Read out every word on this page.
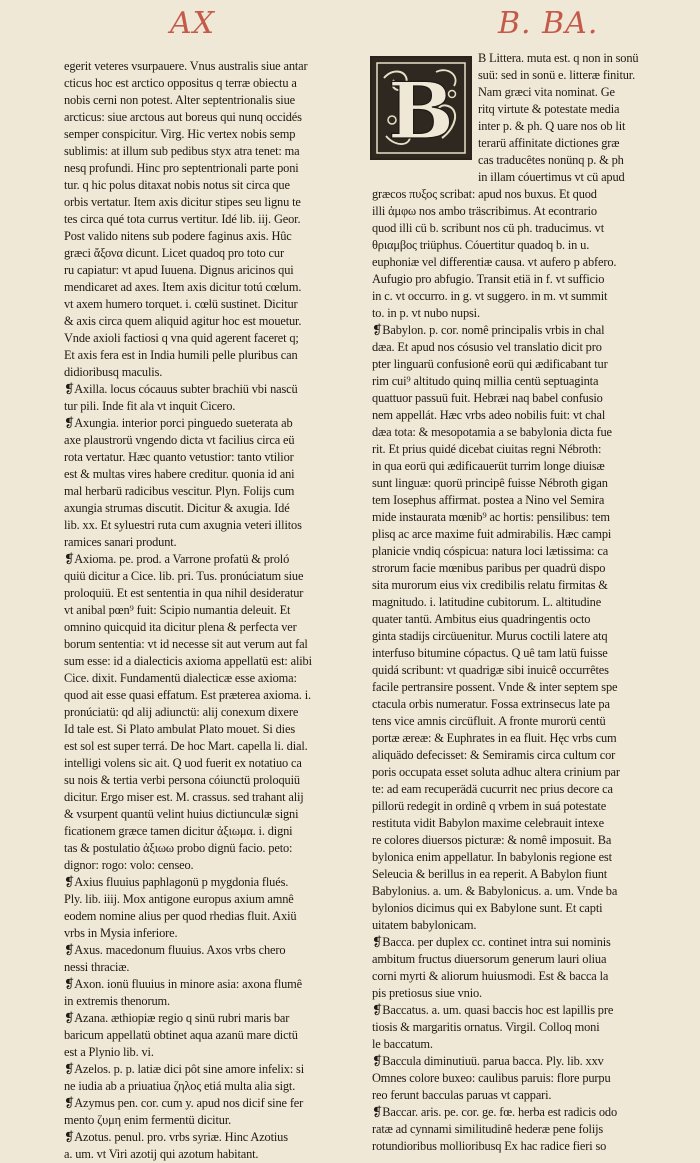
AX	B. BA.
egerit veteres vsurpauere. Vnus australis siue antar
cticus hoc est arctico oppositus q terræ obiectu a
nobis cerni non potest. Alter septentrionalis siue
arcticus: siue arctous aut boreus qui nunq occidés
semper conspicitur. Virg. Hic vertex nobis semp
sublimis: at illum sub pedibus styx atra tenet: ma
nesq profundi. Hinc pro septentrionali parte poni
tur. q hic polus ditaxat nobis notus sit circa que
orbis vertatur. Item axis dicitur stipes seu lignu te
tes circa qué tota currus vertitur. Idé lib. iij. Geor.
Post valido nitens sub podere faginus axis. Hûc
græci ἄξονα dicunt. Licet quadoq pro toto cur
ru capiatur: vt apud Iuuena. Dignus aricinos qui
mendicaret ad axes. Item axis dicitur totú cœlum.
vt axem humero torquet. i. cœlü sustinet. Dicitur
& axis circa quem aliquid agitur hoc est mouetur.
Vnde axioli factiosi q vna quid agerent faceret q;
Et axis fera est in India humili pelle pluribus can
didioribusq maculis.
❡Axilla. locus cócauus subter brachiü vbi nascü
tur pili. Inde fit ala vt inquit Cicero.
❡Axungia. interior porci pinguedo sueterata ab
axe plaustrorü vngendo dicta vt facilius circa eü
rota vertatur. Hæc quanto vetustior: tanto vtilior
est & multas vires habere creditur. quonia id ani
mal herbarü radicibus vescitur. Plyn. Folijs cum
axungia strumas discutit. Dicitur & axugia. Idé
lib. xx. Et syluestri ruta cum axugnia veteri illitos
ramices sanari produnt.
❡Axioma. pe. prod. a Varrone profatü & proló
quiü dicitur a Cice. lib. pri. Tus. pronúciatum siue
proloquiü. Et est sententia in qua nihil desideratur
vt anibal pœn⁹ fuit: Scipio numantia deleuit. Et
omnino quicquid ita dicitur plena & perfecta ver
borum sententia: vt id necesse sit aut verum aut fal
sum esse: id a dialecticis axioma appellatü est: alibi
Cice. dixit. Fundamentü dialecticæ esse axioma:
quod ait esse quasi effatum. Est præterea axioma. i.
pronúciatü: qd alij adiunctü: alij conexum dixere
Id tale est. Si Plato ambulat Plato mouet. Si dies
est sol est super terrá. De hoc Mart. capella li. dial.
intelligi volens sic ait. Q uod fuerit ex notatiuo ca
su nois & tertia verbi persona cóiunctü proloquiü
dicitur. Ergo miser est. M. crassus. sed trahant alij
& vsurpent quantü velint huius dictiunculæ signi
ficationem græce tamen dicitur ἀξιωμα. i. digni
tas & postulatio ἀξιωω probo dignü facio. peto:
dignor: rogo: volo: censeo.
❡Axius fluuius paphlagonü p mygdonia flués.
Ply. lib. iiij. Mox antigone europus axium amnê
eodem nomine alius per quod rhedias fluit. Axiü
vrbs in Mysia inferiore.
❡Axus. macedonum fluuius. Axos vrbs chero
nessi thraciæ.
❡Axon. ionü fluuius in minore asia: axona flumê
in extremis thenorum.
❡Azana. æthiopiæ regio q sinü rubri maris bar
baricum appellatü obtinet aqua azanü mare dictü
est a Plynio lib. vi.
❡Azelos. p. p. latiæ dici pôt sine amore infelix: si
ne iudia ab a priuatiua ζηλος etiá multa alia sigt.
❡Azymus pen. cor. cum y. apud nos dicif sine fer
mento ζυμη enim fermentü dicitur.
❡Azotus. penul. pro. vrbs syriæ. Hinc Azotius
a. um. vt Viri azotij qui azotum habitant.
B
B Littera. muta est. q non in sonü
suü: sed in sonü e. litteræ finitur.
Nam græci vita nominat. Ge
ritq virtute & potestate media
inter p. & ph. Q uare nos ob lit
terarü affinitate dictiones græ
cas traducêtes nonünq p. & ph
in illam cóuertimus vt cü apud
græcos πυξος scribat: apud nos buxus. Et quod
illi ἀμφω nos ambo träscribimus. At econtrario
quod illi cü b. scribunt nos cü ph. traducimus. vt
θριαμβος triüphus. Cóuertitur quadoq b. in u.
euphoniæ vel differentiæ causa. vt aufero p abfero.
Aufugio pro abfugio. Transit etiä in f. vt sufficio
in c. vt occurro. in g. vt suggero. in m. vt summit
to. in p. vt nubo nupsi.
❡Babylon. p. cor. nomê principalis vrbis in chal
dæa. Et apud nos cósusio vel translatio dicit pro
pter linguarü confusionê eorü qui ædificabant tur
rim cui⁹ altitudo quinq millia centü septuaginta
quattuor passuü fuit. Hebræi naq babel confusio
nem appellát. Hæc vrbs adeo nobilis fuit: vt chal
dæa tota: & mesopotamia a se babylonia dicta fue
rit. Et prius quidé dicebat ciuitas regni Nébroth:
in qua eorü qui ædificauerüt turrim longe diuisæ
sunt linguæ: quorü principê fuisse Nébroth gigan
tem Iosephus affirmat. postea a Nino vel Semira
mide instaurata mœnib⁹ ac hortis: pensilibus: tem
plisq ac arce maxime fuit admirabilis. Hæc campi
planicie vndiq cóspicua: natura loci lætissima: ca
strorum facie mœnibus paribus per quadrü dispo
sita murorum eius vix credibilis relatu firmitas &
magnitudo. i. latitudine cubitorum. L. altitudine
quater tantü. Ambitus eius quadringentis octo
ginta stadijs circüuenitur. Murus coctili latere atq
interfuso bitumine cópactus. Q uê tam latü fuisse
quidá scribunt: vt quadrigæ sibi inuicê occurrêtes
facile pertransire possent. Vnde & inter septem spe
ctacula orbis numeratur. Fossa extrinsecus late pa
tens vice amnis circüfluit. A fronte murorü centü
portæ æreæ: & Euphrates in ea fluit. Hęc vrbs cum
aliquädo defecisset: & Semiramis circa cultum cor
poris occupata esset soluta adhuc altera crinium par
te: ad eam recuperädä cucurrit nec prius decore ca
pillorü redegit in ordinê q vrbem in suá potestate
restituta vidit Babylon maxime celebrauit intexe
re colores diuersos picturæ: & nomê imposuit. Ba
bylonica enim appellatur. In babylonis regione est
Seleucia & berillus in ea reperit. A Babylon fiunt
Babylonius. a. um. & Babylonicus. a. um. Vnde ba
bylonios dicimus qui ex Babylone sunt. Et capti
uitatem babylonicam.
❡Bacca. per duplex cc. continet intra sui nominis
ambitum fructus diuersorum generum lauri oliua
corni myrti & aliorum huiusmodi. Est & bacca la
pis pretiosus siue vnio.
❡Baccatus. a. um. quasi baccis hoc est lapillis pre
tiosis & margaritis ornatus. Virgil. Colloq moni
le baccatum.
❡Baccula diminutiuü. parua bacca. Ply. lib. xxv
Omnes colore buxeo: caulibus paruis: flore purpu
reo ferunt bacculas paruas vt cappari.
❡Baccar. aris. pe. cor. ge. fœ. herba est radicis odo
ratæ ad cynnami similitudinê hederæ pene folijs
rotundioribus mollioribusq Ex hac radice fieri so
